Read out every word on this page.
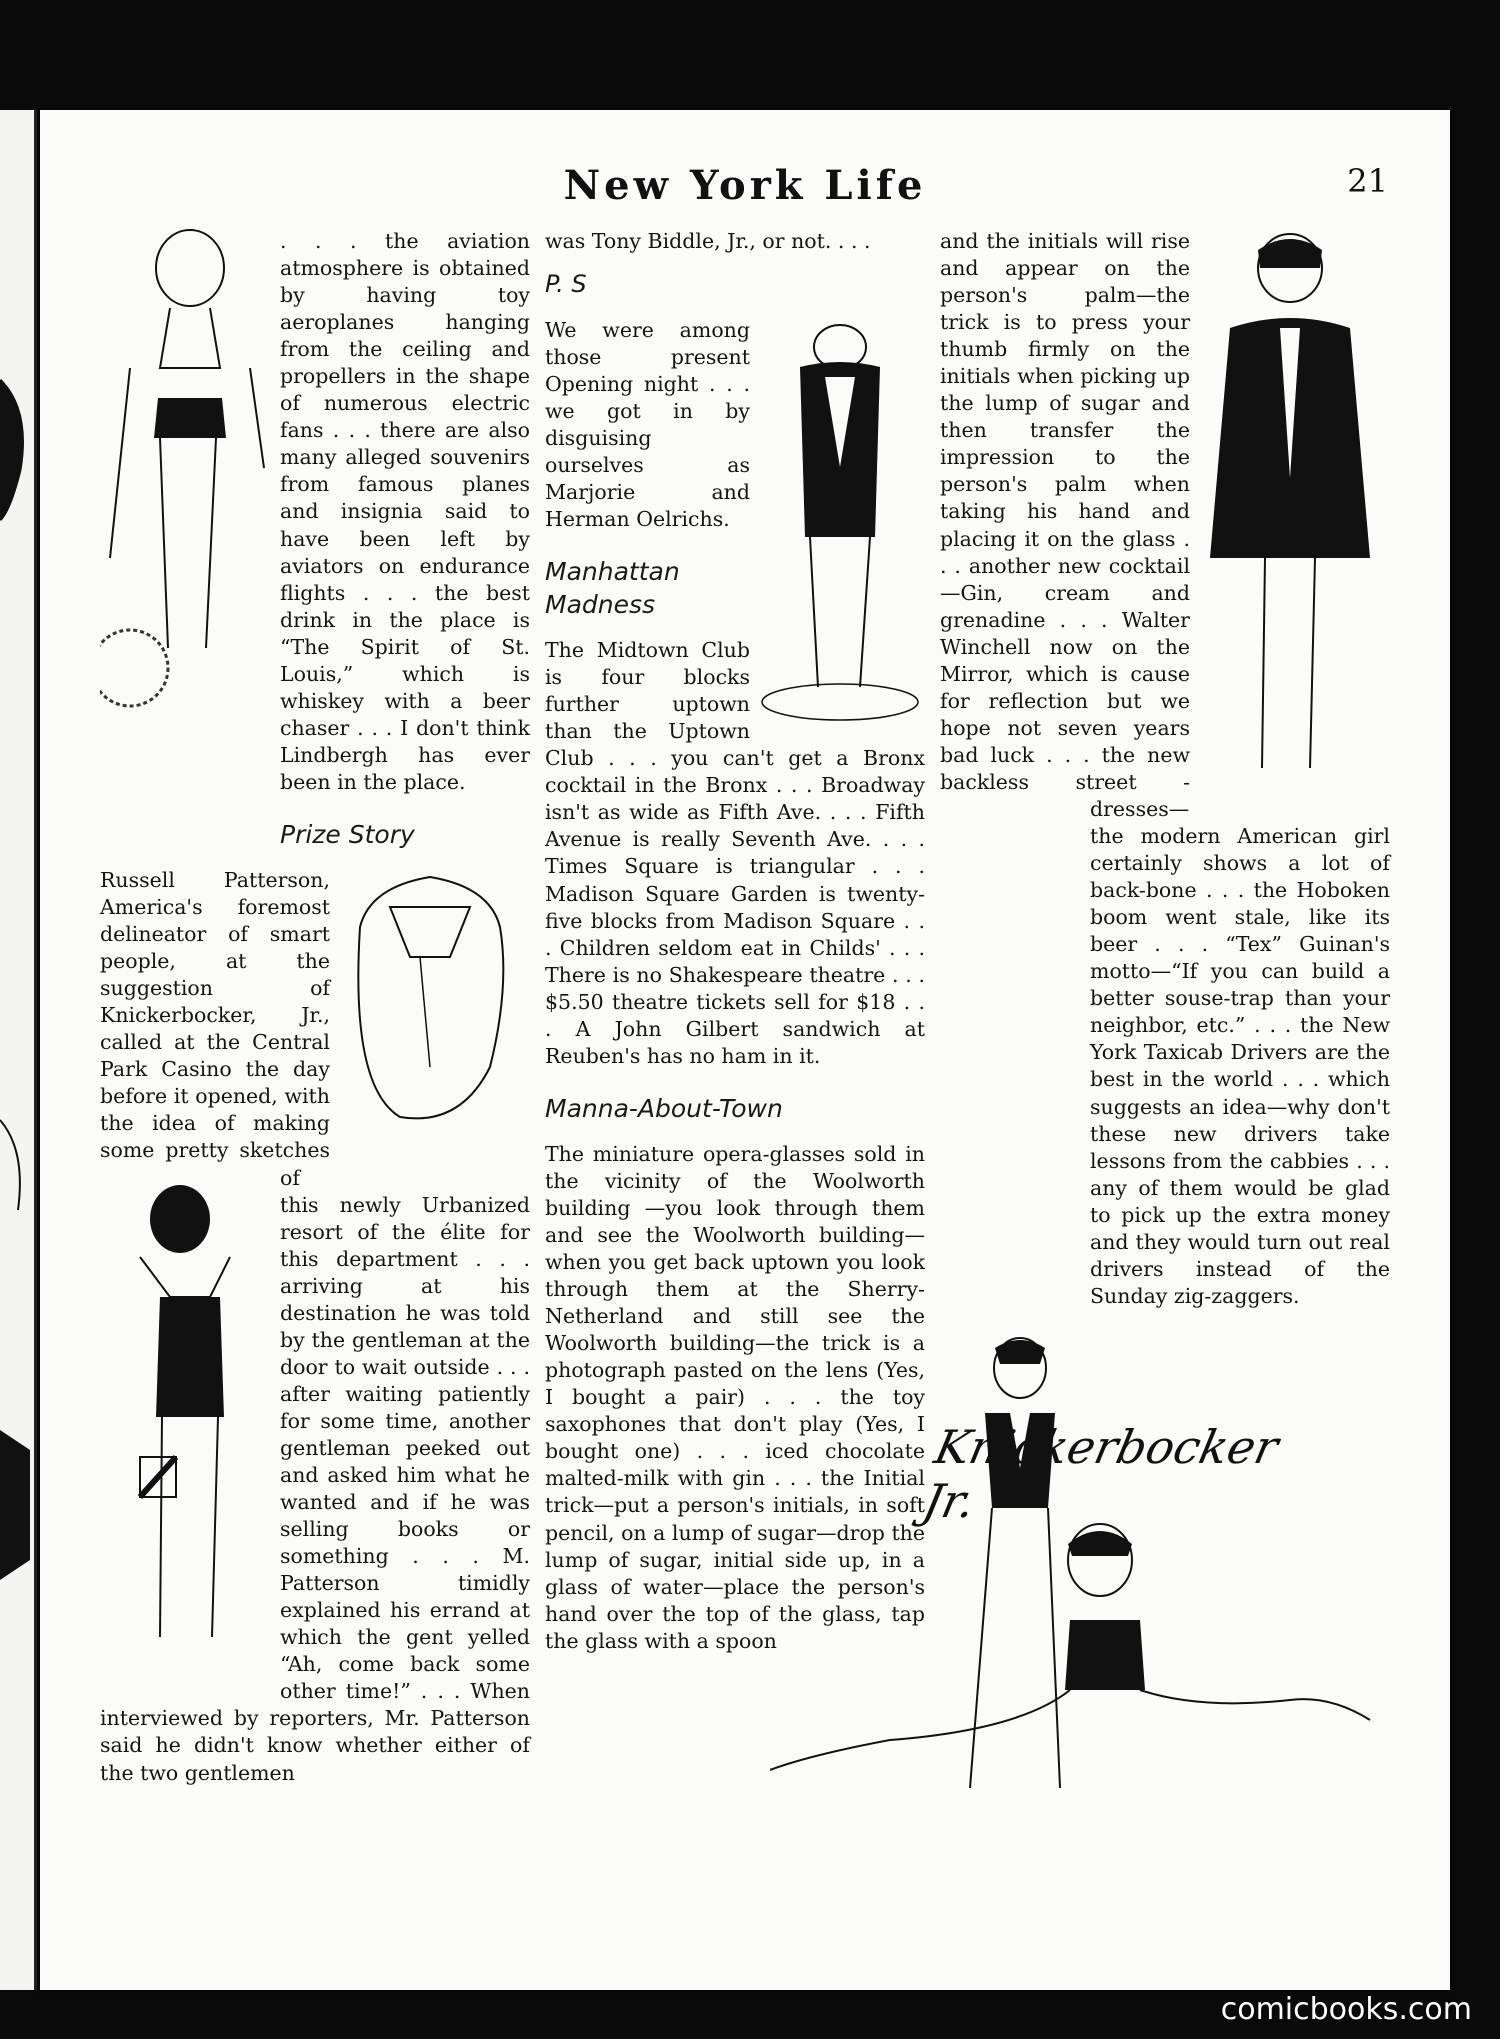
New York Life	21

. . . the aviation atmosphere is obtained by having toy aeroplanes hanging from the ceiling and propellers in the shape of numerous electric fans . . . there are also many alleged souvenirs from famous planes and insignia said to have been left by aviators on endurance flights . . . the best drink in the place is “The Spirit of St. Louis,” which is whiskey with a beer chaser . . . I don't think Lindbergh has ever been in the place.

Prize Story

Russell Patterson, America's foremost delineator of smart people, at the suggestion of Knickerbocker, Jr., called at the Central Park Casino the day before it opened, with the idea of making some pretty sketches of this newly Urbanized resort of the élite for this department . . . arriving at his destination he was told by the gentleman at the door to wait outside . . . after waiting patiently for some time, another gentleman peeked out and asked him what he wanted and if he was selling books or something . . . M. Patterson timidly explained his errand at which the gent yelled “Ah, come back some other time!” . . . When interviewed by reporters, Mr. Patterson said he didn't know whether either of the two gentlemen

was Tony Biddle, Jr., or not. . . .

P. S

We were among those present Opening night . . . we got in by disguising ourselves as Marjorie and Herman Oelrichs.

Manhattan Madness

The Midtown Club is four blocks further uptown than the Uptown Club . . . you can't get a Bronx cocktail in the Bronx . . . Broadway isn't as wide as Fifth Ave. . . . Fifth Avenue is really Seventh Ave. . . . Times Square is triangular . . . Madison Square Garden is twenty-five blocks from Madison Square . . . Children seldom eat in Childs' . . . There is no Shakespeare theatre . . . $5.50 theatre tickets sell for $18 . . . A John Gilbert sandwich at Reuben's has no ham in it.

Manna-About-Town

The miniature opera-glasses sold in the vicinity of the Woolworth building —you look through them and see the Woolworth building—when you get back uptown you look through them at the Sherry-Netherland and still see the Woolworth building—the trick is a photograph pasted on the lens (Yes, I bought a pair) . . . the toy saxophones that don't play (Yes, I bought one) . . . iced chocolate malted-milk with gin . . . the Initial trick—put a person's initials, in soft pencil, on a lump of sugar—drop the lump of sugar, initial side up, in a glass of water—place the person's hand over the top of the glass, tap the glass with a spoon

and the initials will rise and appear on the person's palm—the trick is to press your thumb firmly on the initials when picking up the lump of sugar and then transfer the impression to the person's palm when taking his hand and placing it on the glass . . . another new cocktail—Gin, cream and grenadine . . . Walter Winchell now on the Mirror, which is cause for reflection but we hope not seven years bad luck . . . the new backless street - dresses— the modern American girl certainly shows a lot of back-bone . . . the Hoboken boom went stale, like its beer . . . “Tex” Guinan's motto—“If you can build a better souse-trap than your neighbor, etc.” . . . the New York Taxicab Drivers are the best in the world . . . which suggests an idea—why don't these new drivers take lessons from the cabbies . . . any of them would be glad to pick up the extra money and they would turn out real drivers instead of the Sunday zig-zaggers.

Knickerbocker Jr.
comicbooks.com
